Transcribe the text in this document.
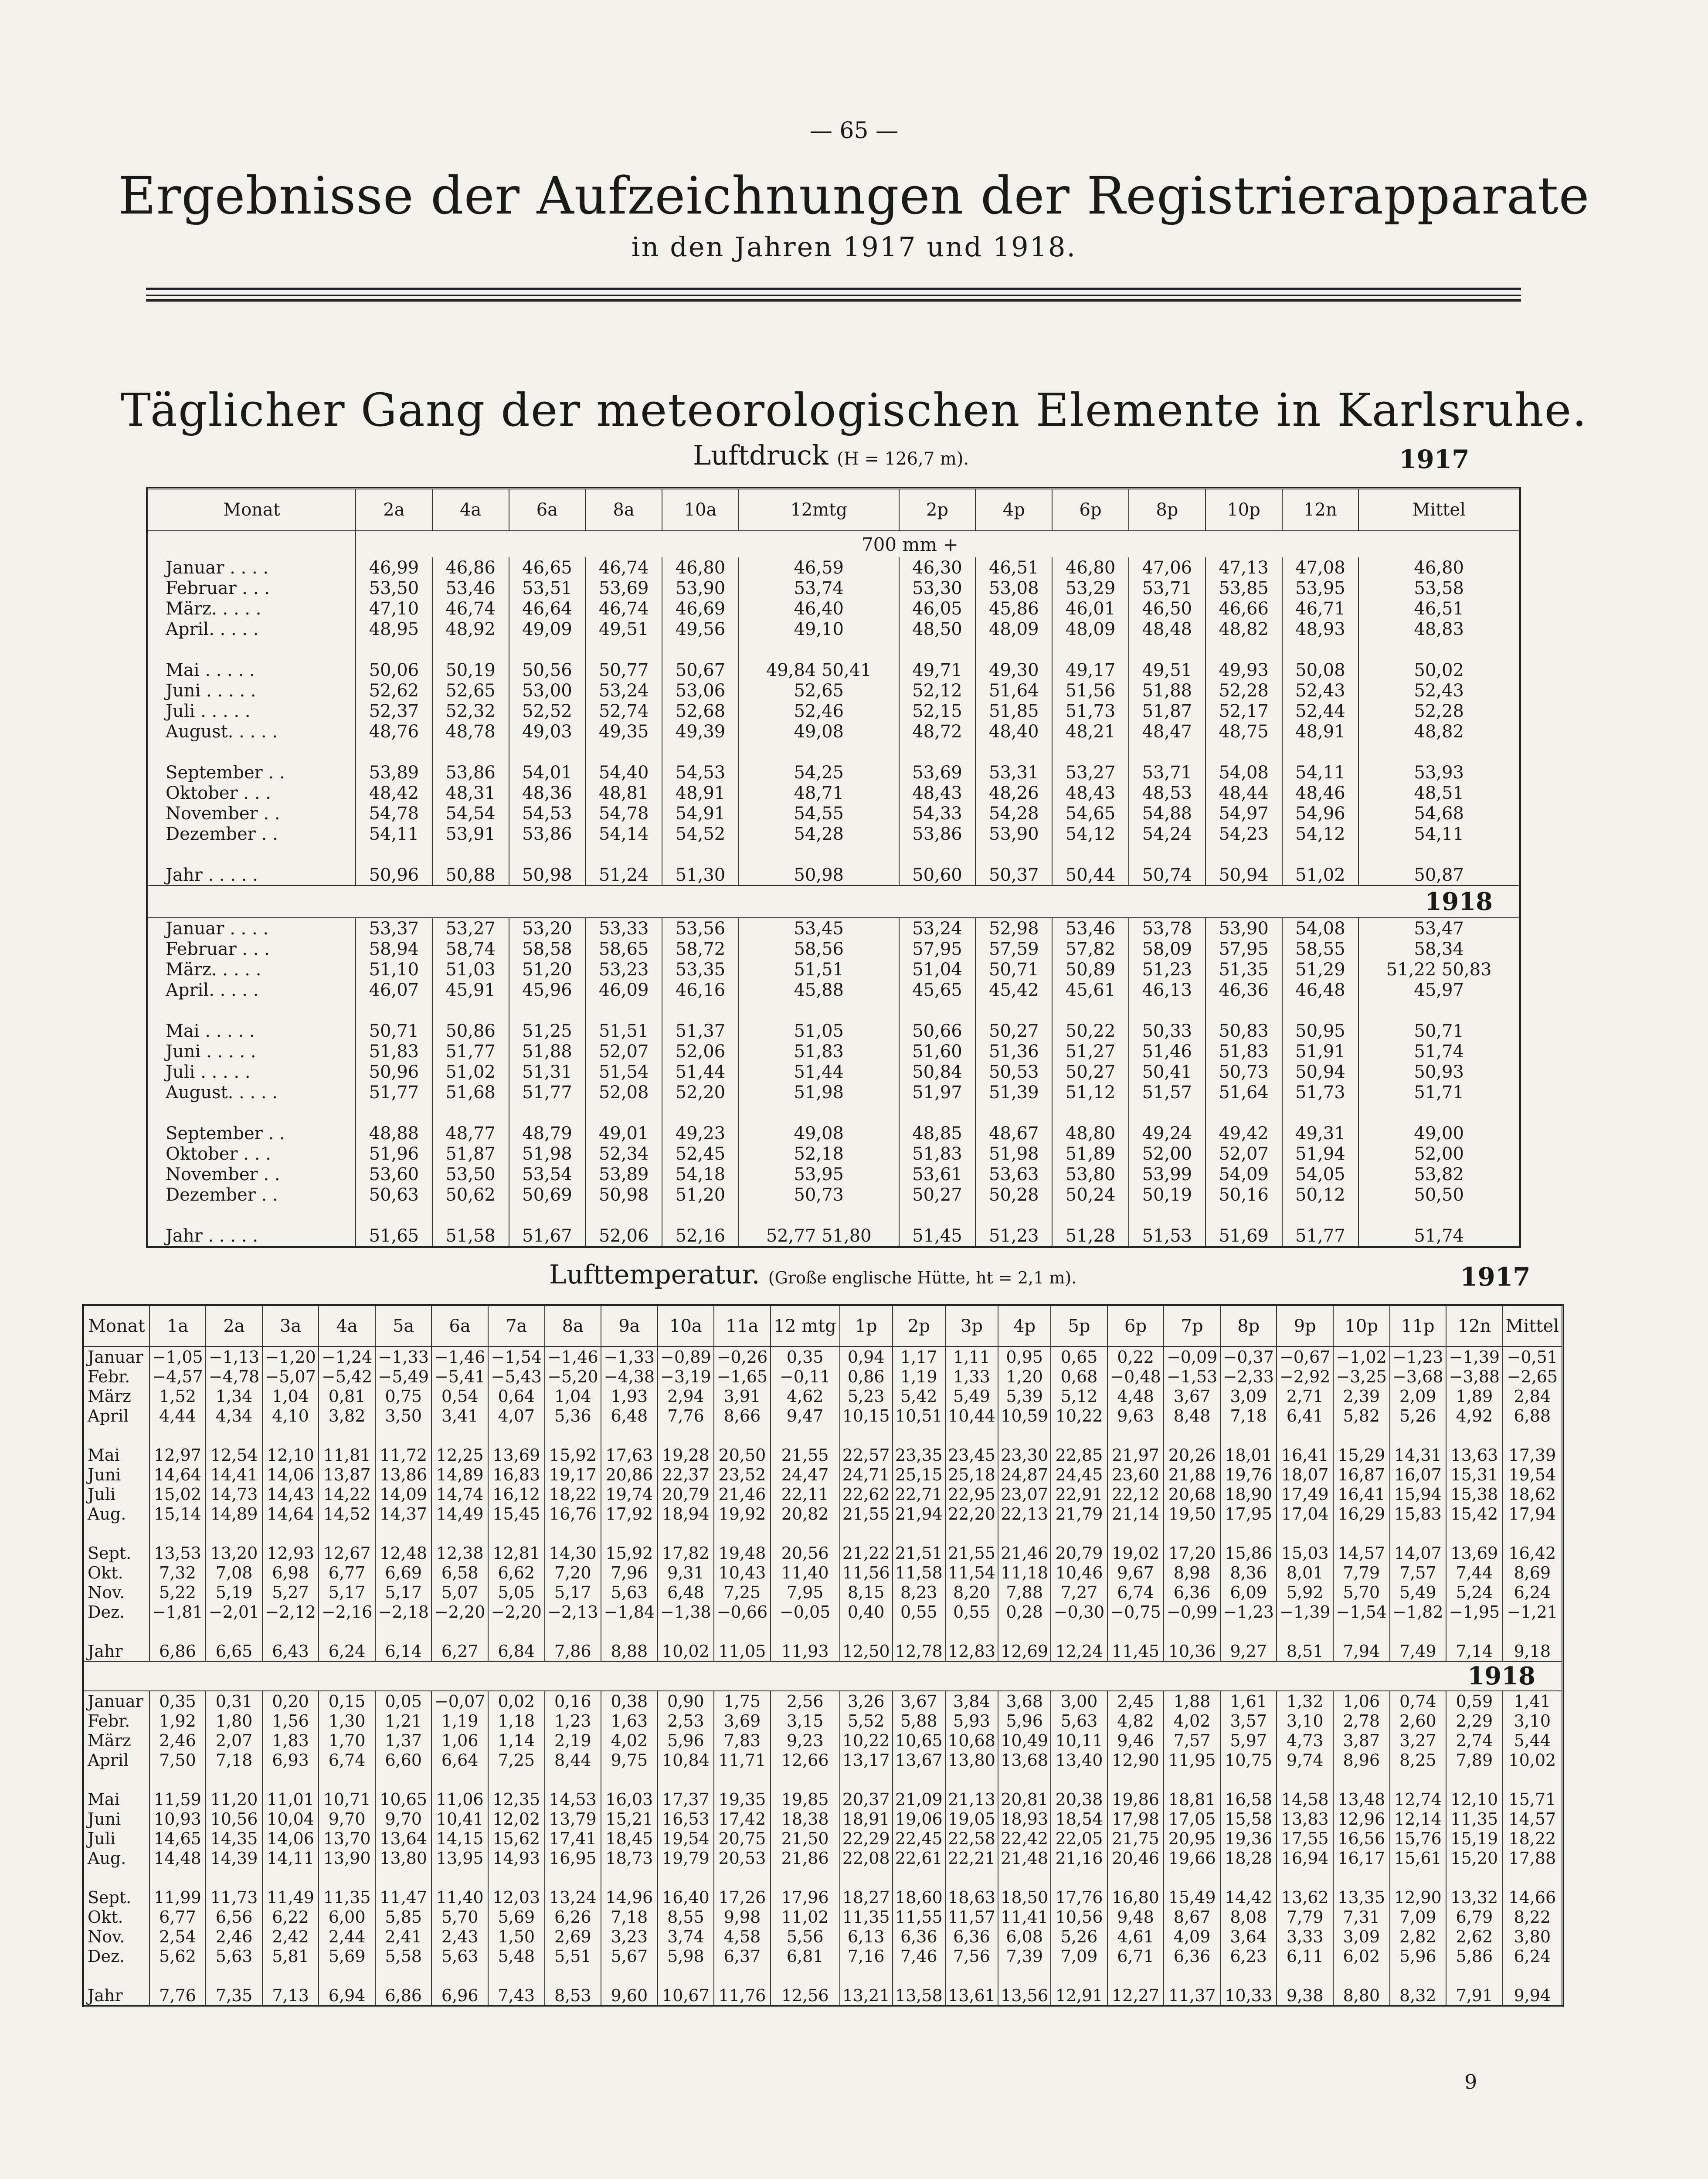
— 65 —
Ergebnisse der Aufzeichnungen der Registrierapparate
in den Jahren 1917 und 1918.
Täglicher Gang der meteorologischen Elemente in Karlsruhe.
Luftdruck (H = 126,7 m).	1917
Monat	2a	4a	6a	8a	10a	12mtg	2p	4p	6p	8p	10p	12n	Mittel
	700 mm +												
Januar . . . .	46,99	46,86	46,65	46,74	46,80	46,59	46,30	46,51	46,80	47,06	47,13	47,08	46,80
Februar . . .	53,50	53,46	53,51	53,69	53,90	53,74	53,30	53,08	53,29	53,71	53,85	53,95	53,58
März. . . . .	47,10	46,74	46,64	46,74	46,69	46,40	46,05	45,86	46,01	46,50	46,66	46,71	46,51
April. . . . .	48,95	48,92	49,09	49,51	49,56	49,10	48,50	48,09	48,09	48,48	48,82	48,93	48,83

Mai . . . . .	50,06	50,19	50,56	50,77	50,67	49,84 50,41	49,71	49,30	49,17	49,51	49,93	50,08	50,02
Juni . . . . .	52,62	52,65	53,00	53,24	53,06	52,65	52,12	51,64	51,56	51,88	52,28	52,43	52,43
Juli . . . . .	52,37	52,32	52,52	52,74	52,68	52,46	52,15	51,85	51,73	51,87	52,17	52,44	52,28
August. . . . .	48,76	48,78	49,03	49,35	49,39	49,08	48,72	48,40	48,21	48,47	48,75	48,91	48,82

September . .	53,89	53,86	54,01	54,40	54,53	54,25	53,69	53,31	53,27	53,71	54,08	54,11	53,93
Oktober . . .	48,42	48,31	48,36	48,81	48,91	48,71	48,43	48,26	48,43	48,53	48,44	48,46	48,51
November . .	54,78	54,54	54,53	54,78	54,91	54,55	54,33	54,28	54,65	54,88	54,97	54,96	54,68
Dezember . .	54,11	53,91	53,86	54,14	54,52	54,28	53,86	53,90	54,12	54,24	54,23	54,12	54,11

Jahr . . . . .	50,96	50,88	50,98	51,24	51,30	50,98	50,60	50,37	50,44	50,74	50,94	51,02	50,87
1918													
Januar . . . .	53,37	53,27	53,20	53,33	53,56	53,45	53,24	52,98	53,46	53,78	53,90	54,08	53,47
Februar . . .	58,94	58,74	58,58	58,65	58,72	58,56	57,95	57,59	57,82	58,09	57,95	58,55	58,34
März. . . . .	51,10	51,03	51,20	53,23	53,35	51,51	51,04	50,71	50,89	51,23	51,35	51,29	51,22 50,83
April. . . . .	46,07	45,91	45,96	46,09	46,16	45,88	45,65	45,42	45,61	46,13	46,36	46,48	45,97

Mai . . . . .	50,71	50,86	51,25	51,51	51,37	51,05	50,66	50,27	50,22	50,33	50,83	50,95	50,71
Juni . . . . .	51,83	51,77	51,88	52,07	52,06	51,83	51,60	51,36	51,27	51,46	51,83	51,91	51,74
Juli . . . . .	50,96	51,02	51,31	51,54	51,44	51,44	50,84	50,53	50,27	50,41	50,73	50,94	50,93
August. . . . .	51,77	51,68	51,77	52,08	52,20	51,98	51,97	51,39	51,12	51,57	51,64	51,73	51,71

September . .	48,88	48,77	48,79	49,01	49,23	49,08	48,85	48,67	48,80	49,24	49,42	49,31	49,00
Oktober . . .	51,96	51,87	51,98	52,34	52,45	52,18	51,83	51,98	51,89	52,00	52,07	51,94	52,00
November . .	53,60	53,50	53,54	53,89	54,18	53,95	53,61	53,63	53,80	53,99	54,09	54,05	53,82
Dezember . .	50,63	50,62	50,69	50,98	51,20	50,73	50,27	50,28	50,24	50,19	50,16	50,12	50,50

Jahr . . . . .	51,65	51,58	51,67	52,06	52,16	52,77 51,80	51,45	51,23	51,28	51,53	51,69	51,77	51,74
Lufttemperatur. (Große englische Hütte, ht = 2,1 m).	1917
Monat	1a	2a	3a	4a	5a	6a	7a	8a	9a	10a	11a	12 mtg	1p	2p	3p	4p	5p	6p	7p	8p	9p	10p	11p	12n	Mittel
Januar	−1,05	−1,13	−1,20	−1,24	−1,33	−1,46	−1,54	−1,46	−1,33	−0,89	−0,26	0,35	0,94	1,17	1,11	0,95	0,65	0,22	−0,09	−0,37	−0,67	−1,02	−1,23	−1,39	−0,51
Febr.	−4,57	−4,78	−5,07	−5,42	−5,49	−5,41	−5,43	−5,20	−4,38	−3,19	−1,65	−0,11	0,86	1,19	1,33	1,20	0,68	−0,48	−1,53	−2,33	−2,92	−3,25	−3,68	−3,88	−2,65
März	1,52	1,34	1,04	0,81	0,75	0,54	0,64	1,04	1,93	2,94	3,91	4,62	5,23	5,42	5,49	5,39	5,12	4,48	3,67	3,09	2,71	2,39	2,09	1,89	2,84
April	4,44	4,34	4,10	3,82	3,50	3,41	4,07	5,36	6,48	7,76	8,66	9,47	10,15	10,51	10,44	10,59	10,22	9,63	8,48	7,18	6,41	5,82	5,26	4,92	6,88

Mai	12,97	12,54	12,10	11,81	11,72	12,25	13,69	15,92	17,63	19,28	20,50	21,55	22,57	23,35	23,45	23,30	22,85	21,97	20,26	18,01	16,41	15,29	14,31	13,63	17,39
Juni	14,64	14,41	14,06	13,87	13,86	14,89	16,83	19,17	20,86	22,37	23,52	24,47	24,71	25,15	25,18	24,87	24,45	23,60	21,88	19,76	18,07	16,87	16,07	15,31	19,54
Juli	15,02	14,73	14,43	14,22	14,09	14,74	16,12	18,22	19,74	20,79	21,46	22,11	22,62	22,71	22,95	23,07	22,91	22,12	20,68	18,90	17,49	16,41	15,94	15,38	18,62
Aug.	15,14	14,89	14,64	14,52	14,37	14,49	15,45	16,76	17,92	18,94	19,92	20,82	21,55	21,94	22,20	22,13	21,79	21,14	19,50	17,95	17,04	16,29	15,83	15,42	17,94

Sept.	13,53	13,20	12,93	12,67	12,48	12,38	12,81	14,30	15,92	17,82	19,48	20,56	21,22	21,51	21,55	21,46	20,79	19,02	17,20	15,86	15,03	14,57	14,07	13,69	16,42
Okt.	7,32	7,08	6,98	6,77	6,69	6,58	6,62	7,20	7,96	9,31	10,43	11,40	11,56	11,58	11,54	11,18	10,46	9,67	8,98	8,36	8,01	7,79	7,57	7,44	8,69
Nov.	5,22	5,19	5,27	5,17	5,17	5,07	5,05	5,17	5,63	6,48	7,25	7,95	8,15	8,23	8,20	7,88	7,27	6,74	6,36	6,09	5,92	5,70	5,49	5,24	6,24
Dez.	−1,81	−2,01	−2,12	−2,16	−2,18	−2,20	−2,20	−2,13	−1,84	−1,38	−0,66	−0,05	0,40	0,55	0,55	0,28	−0,30	−0,75	−0,99	−1,23	−1,39	−1,54	−1,82	−1,95	−1,21

Jahr	6,86	6,65	6,43	6,24	6,14	6,27	6,84	7,86	8,88	10,02	11,05	11,93	12,50	12,78	12,83	12,69	12,24	11,45	10,36	9,27	8,51	7,94	7,49	7,14	9,18
1918																									
Januar	0,35	0,31	0,20	0,15	0,05	−0,07	0,02	0,16	0,38	0,90	1,75	2,56	3,26	3,67	3,84	3,68	3,00	2,45	1,88	1,61	1,32	1,06	0,74	0,59	1,41
Febr.	1,92	1,80	1,56	1,30	1,21	1,19	1,18	1,23	1,63	2,53	3,69	3,15	5,52	5,88	5,93	5,96	5,63	4,82	4,02	3,57	3,10	2,78	2,60	2,29	3,10
März	2,46	2,07	1,83	1,70	1,37	1,06	1,14	2,19	4,02	5,96	7,83	9,23	10,22	10,65	10,68	10,49	10,11	9,46	7,57	5,97	4,73	3,87	3,27	2,74	5,44
April	7,50	7,18	6,93	6,74	6,60	6,64	7,25	8,44	9,75	10,84	11,71	12,66	13,17	13,67	13,80	13,68	13,40	12,90	11,95	10,75	9,74	8,96	8,25	7,89	10,02

Mai	11,59	11,20	11,01	10,71	10,65	11,06	12,35	14,53	16,03	17,37	19,35	19,85	20,37	21,09	21,13	20,81	20,38	19,86	18,81	16,58	14,58	13,48	12,74	12,10	15,71
Juni	10,93	10,56	10,04	9,70	9,70	10,41	12,02	13,79	15,21	16,53	17,42	18,38	18,91	19,06	19,05	18,93	18,54	17,98	17,05	15,58	13,83	12,96	12,14	11,35	14,57
Juli	14,65	14,35	14,06	13,70	13,64	14,15	15,62	17,41	18,45	19,54	20,75	21,50	22,29	22,45	22,58	22,42	22,05	21,75	20,95	19,36	17,55	16,56	15,76	15,19	18,22
Aug.	14,48	14,39	14,11	13,90	13,80	13,95	14,93	16,95	18,73	19,79	20,53	21,86	22,08	22,61	22,21	21,48	21,16	20,46	19,66	18,28	16,94	16,17	15,61	15,20	17,88

Sept.	11,99	11,73	11,49	11,35	11,47	11,40	12,03	13,24	14,96	16,40	17,26	17,96	18,27	18,60	18,63	18,50	17,76	16,80	15,49	14,42	13,62	13,35	12,90	13,32	14,66
Okt.	6,77	6,56	6,22	6,00	5,85	5,70	5,69	6,26	7,18	8,55	9,98	11,02	11,35	11,55	11,57	11,41	10,56	9,48	8,67	8,08	7,79	7,31	7,09	6,79	8,22
Nov.	2,54	2,46	2,42	2,44	2,41	2,43	1,50	2,69	3,23	3,74	4,58	5,56	6,13	6,36	6,36	6,08	5,26	4,61	4,09	3,64	3,33	3,09	2,82	2,62	3,80
Dez.	5,62	5,63	5,81	5,69	5,58	5,63	5,48	5,51	5,67	5,98	6,37	6,81	7,16	7,46	7,56	7,39	7,09	6,71	6,36	6,23	6,11	6,02	5,96	5,86	6,24

Jahr	7,76	7,35	7,13	6,94	6,86	6,96	7,43	8,53	9,60	10,67	11,76	12,56	13,21	13,58	13,61	13,56	12,91	12,27	11,37	10,33	9,38	8,80	8,32	7,91	9,94
9
